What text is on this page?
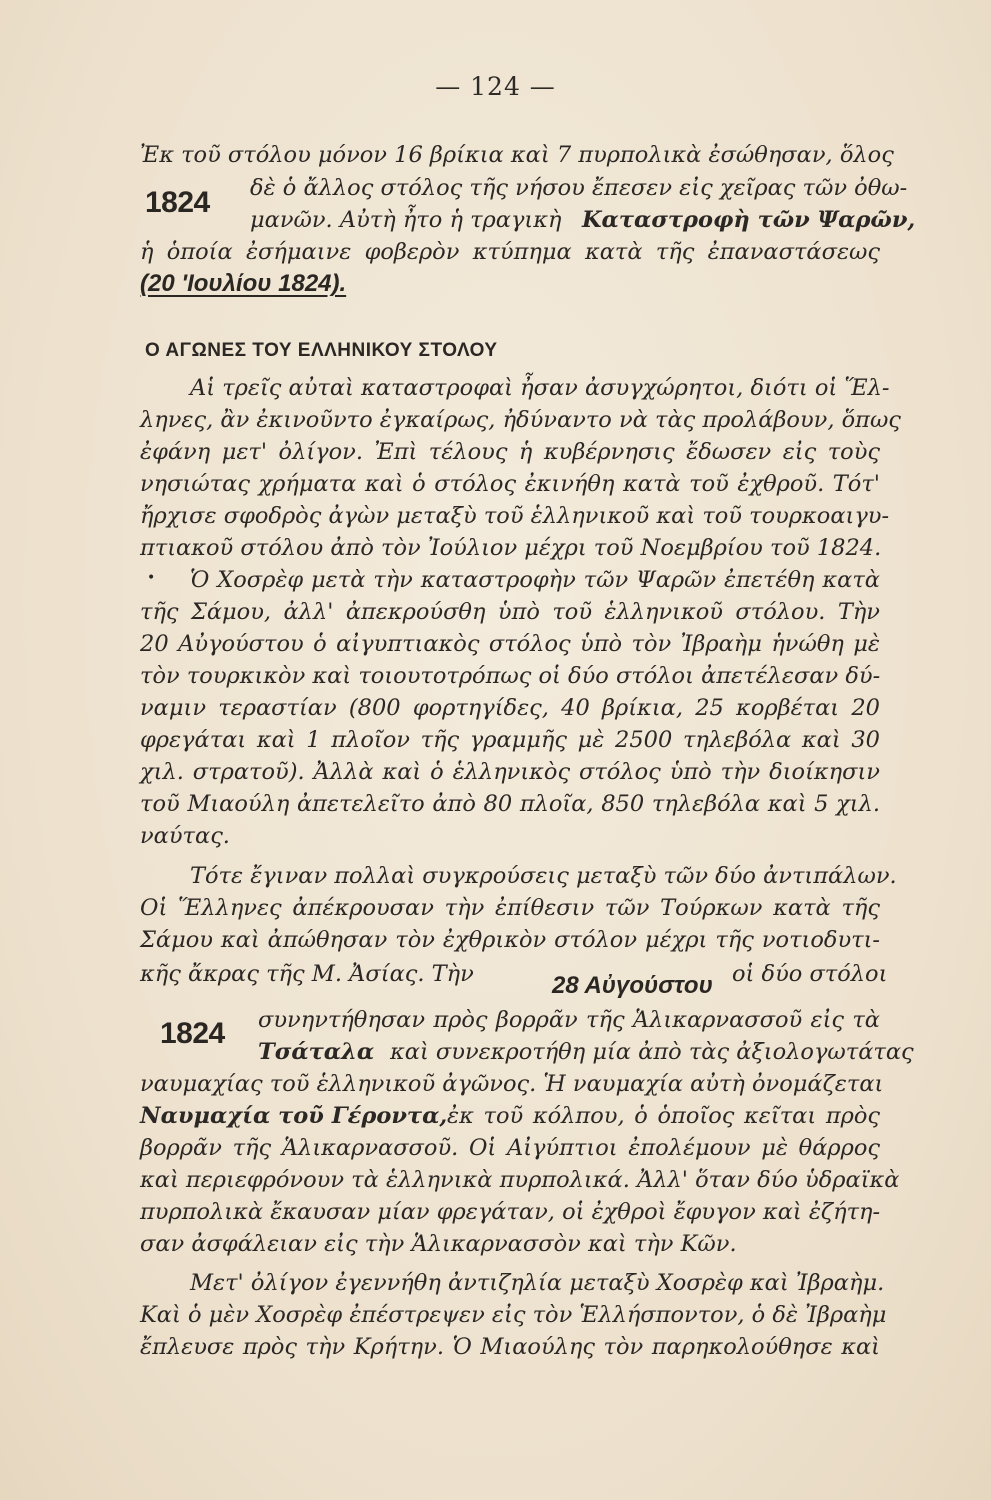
— 124 —
Ἐκ τοῦ στόλου μόνον 16 βρίκια καὶ 7 πυρπολικὰ ἐσώθησαν, ὅλος
1824 δὲ ὁ ἄλλος στόλος τῆς νήσου ἔπεσεν εἰς χεῖρας τῶν ὀθω-
μανῶν. Αὐτὴ ἦτο ἡ τραγικὴ Καταστροφὴ τῶν Ψαρῶν,
ἡ ὁποία ἐσήμαινε φοβερὸν κτύπημα κατὰ τῆς ἐπαναστάσεως
(20 'Ιουλίου 1824).
Ο ΑΓΩΝΕΣ ΤΟΥ ΕΛΛΗΝΙΚΟΥ ΣΤΟΛΟΥ
Αἱ τρεῖς αὐταὶ καταστροφαὶ ἦσαν ἀσυγχώρητοι, διότι οἱ Ἕλ-
ληνες, ἂν ἐκινοῦντο ἐγκαίρως, ἠδύναντο νὰ τὰς προλάβουν, ὅπως
ἐφάνη μετ' ὀλίγον. Ἐπὶ τέλους ἡ κυβέρνησις ἔδωσεν εἰς τοὺς
νησιώτας χρήματα καὶ ὁ στόλος ἐκινήθη κατὰ τοῦ ἐχθροῦ. Τότ'
ἤρχισε σφοδρὸς ἀγὼν μεταξὺ τοῦ ἑλληνικοῦ καὶ τοῦ τουρκοαιγυ-
πτιακοῦ στόλου ἀπὸ τὸν Ἰούλιον μέχρι τοῦ Νοεμβρίου τοῦ 1824.
• Ὁ Χοσρὲφ μετὰ τὴν καταστροφὴν τῶν Ψαρῶν ἐπετέθη κατὰ
τῆς Σάμου, ἀλλ' ἀπεκρούσθη ὑπὸ τοῦ ἑλληνικοῦ στόλου. Τὴν
20 Αὐγούστου ὁ αἰγυπτιακὸς στόλος ὑπὸ τὸν Ἰβραὴμ ἡνώθη μὲ
τὸν τουρκικὸν καὶ τοιουτοτρόπως οἱ δύο στόλοι ἀπετέλεσαν δύ-
ναμιν τεραστίαν (800 φορτηγίδες, 40 βρίκια, 25 κορβέται 20
φρεγάται καὶ 1 πλοῖον τῆς γραμμῆς μὲ 2500 τηλεβόλα καὶ 30
χιλ. στρατοῦ). Ἀλλὰ καὶ ὁ ἑλληνικὸς στόλος ὑπὸ τὴν διοίκησιν
τοῦ Μιαούλη ἀπετελεῖτο ἀπὸ 80 πλοῖα, 850 τηλεβόλα καὶ 5 χιλ.
ναύτας.
Τότε ἔγιναν πολλαὶ συγκρούσεις μεταξὺ τῶν δύο ἀντιπάλων.
Οἱ Ἕλληνες ἀπέκρουσαν τὴν ἐπίθεσιν τῶν Τούρκων κατὰ τῆς
Σάμου καὶ ἀπώθησαν τὸν ἐχθρικὸν στόλον μέχρι τῆς νοτιοδυτι-
κῆς ἄκρας τῆς Μ. Ἀσίας. Τὴν	28 Αὐγούστου οἱ δύο στόλοι
1824 συνηντήθησαν πρὸς βορρᾶν τῆς Ἁλικαρνασσοῦ εἰς τὰ
Τσάταλα καὶ συνεκροτήθη μία ἀπὸ τὰς ἀξιολογωτάτας
ναυμαχίας τοῦ ἑλληνικοῦ ἀγῶνος. Ἡ ναυμαχία αὐτὴ ὀνομάζεται
Ναυμαχία τοῦ Γέροντα, ἐκ τοῦ κόλπου, ὁ ὁποῖος κεῖται πρὸς
βορρᾶν τῆς Ἁλικαρνασσοῦ. Οἱ Αἰγύπτιοι ἐπολέμουν μὲ θάρρος
καὶ περιεφρόνουν τὰ ἑλληνικὰ πυρπολικά. Ἀλλ' ὅταν δύο ὑδραϊκὰ
πυρπολικὰ ἔκαυσαν μίαν φρεγάταν, οἱ ἐχθροὶ ἔφυγον καὶ ἐζήτη-
σαν ἀσφάλειαν εἰς τὴν Ἁλικαρνασσὸν καὶ τὴν Κῶν.
Μετ' ὀλίγον ἐγεννήθη ἀντιζηλία μεταξὺ Χοσρὲφ καὶ Ἰβραὴμ.
Καὶ ὁ μὲν Χοσρὲφ ἐπέστρεψεν εἰς τὸν Ἑλλήσποντον, ὁ δὲ Ἰβραὴμ
ἔπλευσε πρὸς τὴν Κρήτην. Ὁ Μιαούλης τὸν παρηκολούθησε καὶ
